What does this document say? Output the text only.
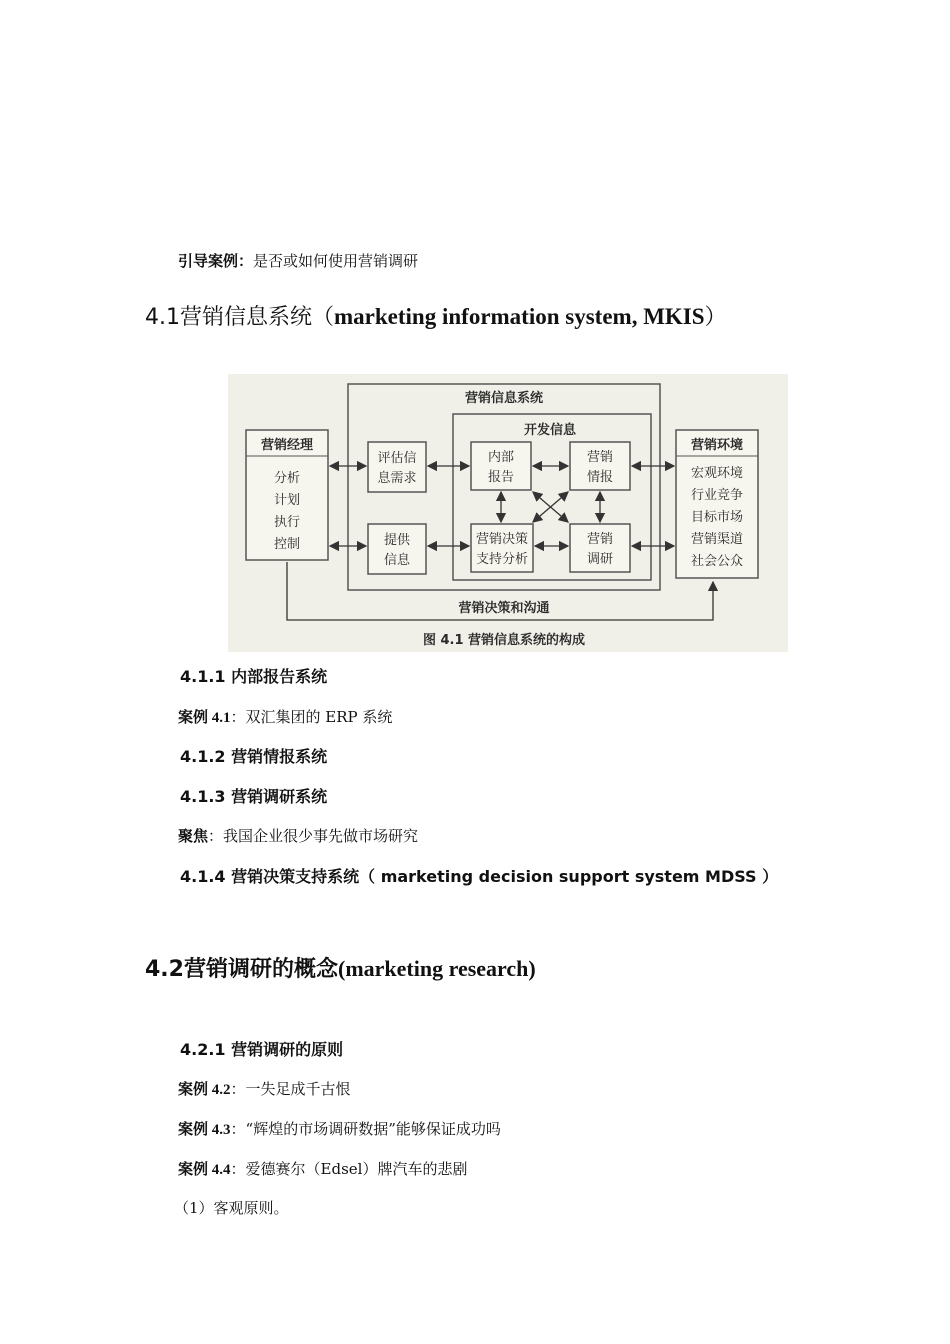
引导案例：是否或如何使用营销调研
4.1营销信息系统（marketing information system, MKIS）
营销信息系统
开发信息
营销经理
分析
计划
执行
控制
营销环境
宏观环境
行业竞争
目标市场
营销渠道
社会公众
评估信
息需求
提供
信息
内部
报告
营销
情报
营销决策
支持分析
营销
调研
营销决策和沟通
图 4.1 营销信息系统的构成
4.1.1 内部报告系统
案例 4.1：双汇集团的 ERP 系统
4.1.2 营销情报系统
4.1.3 营销调研系统
聚焦：我国企业很少事先做市场研究
4.1.4 营销决策支持系统（ marketing decision support system MDSS ）
4.2营销调研的概念(marketing research)
4.2.1 营销调研的原则
案例 4.2：一失足成千古恨
案例 4.3：“辉煌的市场调研数据”能够保证成功吗
案例 4.4：爱德赛尔（Edsel）牌汽车的悲剧
（1）客观原则。
